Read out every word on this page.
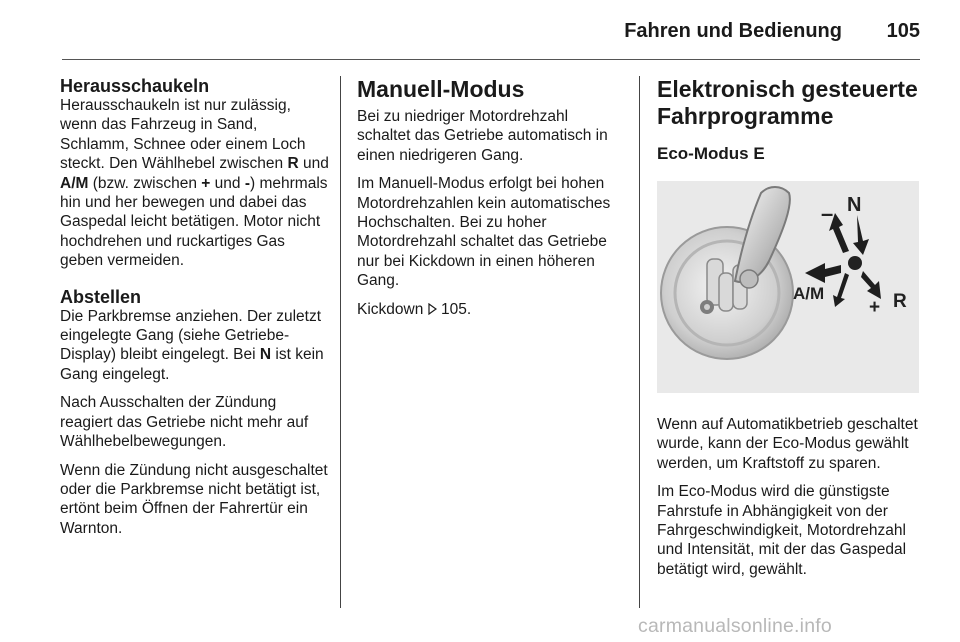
Fahren und Bedienung 105
Herausschaukeln

Herausschaukeln ist nur zulässig, wenn das Fahrzeug in Sand, Schlamm, Schnee oder einem Loch steckt. Den Wählhebel zwischen R und A/M (bzw. zwischen + und -) mehrmals hin und her bewegen und dabei das Gaspedal leicht betätigen. Motor nicht hochdrehen und ruckartiges Gas geben vermeiden.

Abstellen

Die Parkbremse anziehen. Der zuletzt eingelegte Gang (siehe Getriebe-Display) bleibt eingelegt. Bei N ist kein Gang eingelegt.

Nach Ausschalten der Zündung reagiert das Getriebe nicht mehr auf Wählhebelbewegungen.

Wenn die Zündung nicht ausgeschaltet oder die Parkbremse nicht betätigt ist, ertönt beim Öffnen der Fahrertür ein Warnton.

Manuell-Modus

Bei zu niedriger Motordrehzahl schaltet das Getriebe automatisch in einen niedrigeren Gang.

Im Manuell-Modus erfolgt bei hohen Motordrehzahlen kein automatisches Hochschalten. Bei zu hoher Motordrehzahl schaltet das Getriebe nur bei Kickdown in einen höheren Gang.

Kickdown 105.

Elektronisch gesteuerte Fahrprogramme
Eco-Modus E
– N
A/M
+ R

Wenn auf Automatikbetrieb geschaltet wurde, kann der Eco-Modus gewählt werden, um Kraftstoff zu sparen.

Im Eco-Modus wird die günstigste Fahrstufe in Abhängigkeit von der Fahrgeschwindigkeit, Motordrehzahl und Intensität, mit der das Gaspedal betätigt wird, gewählt.

carmanualsonline.info
